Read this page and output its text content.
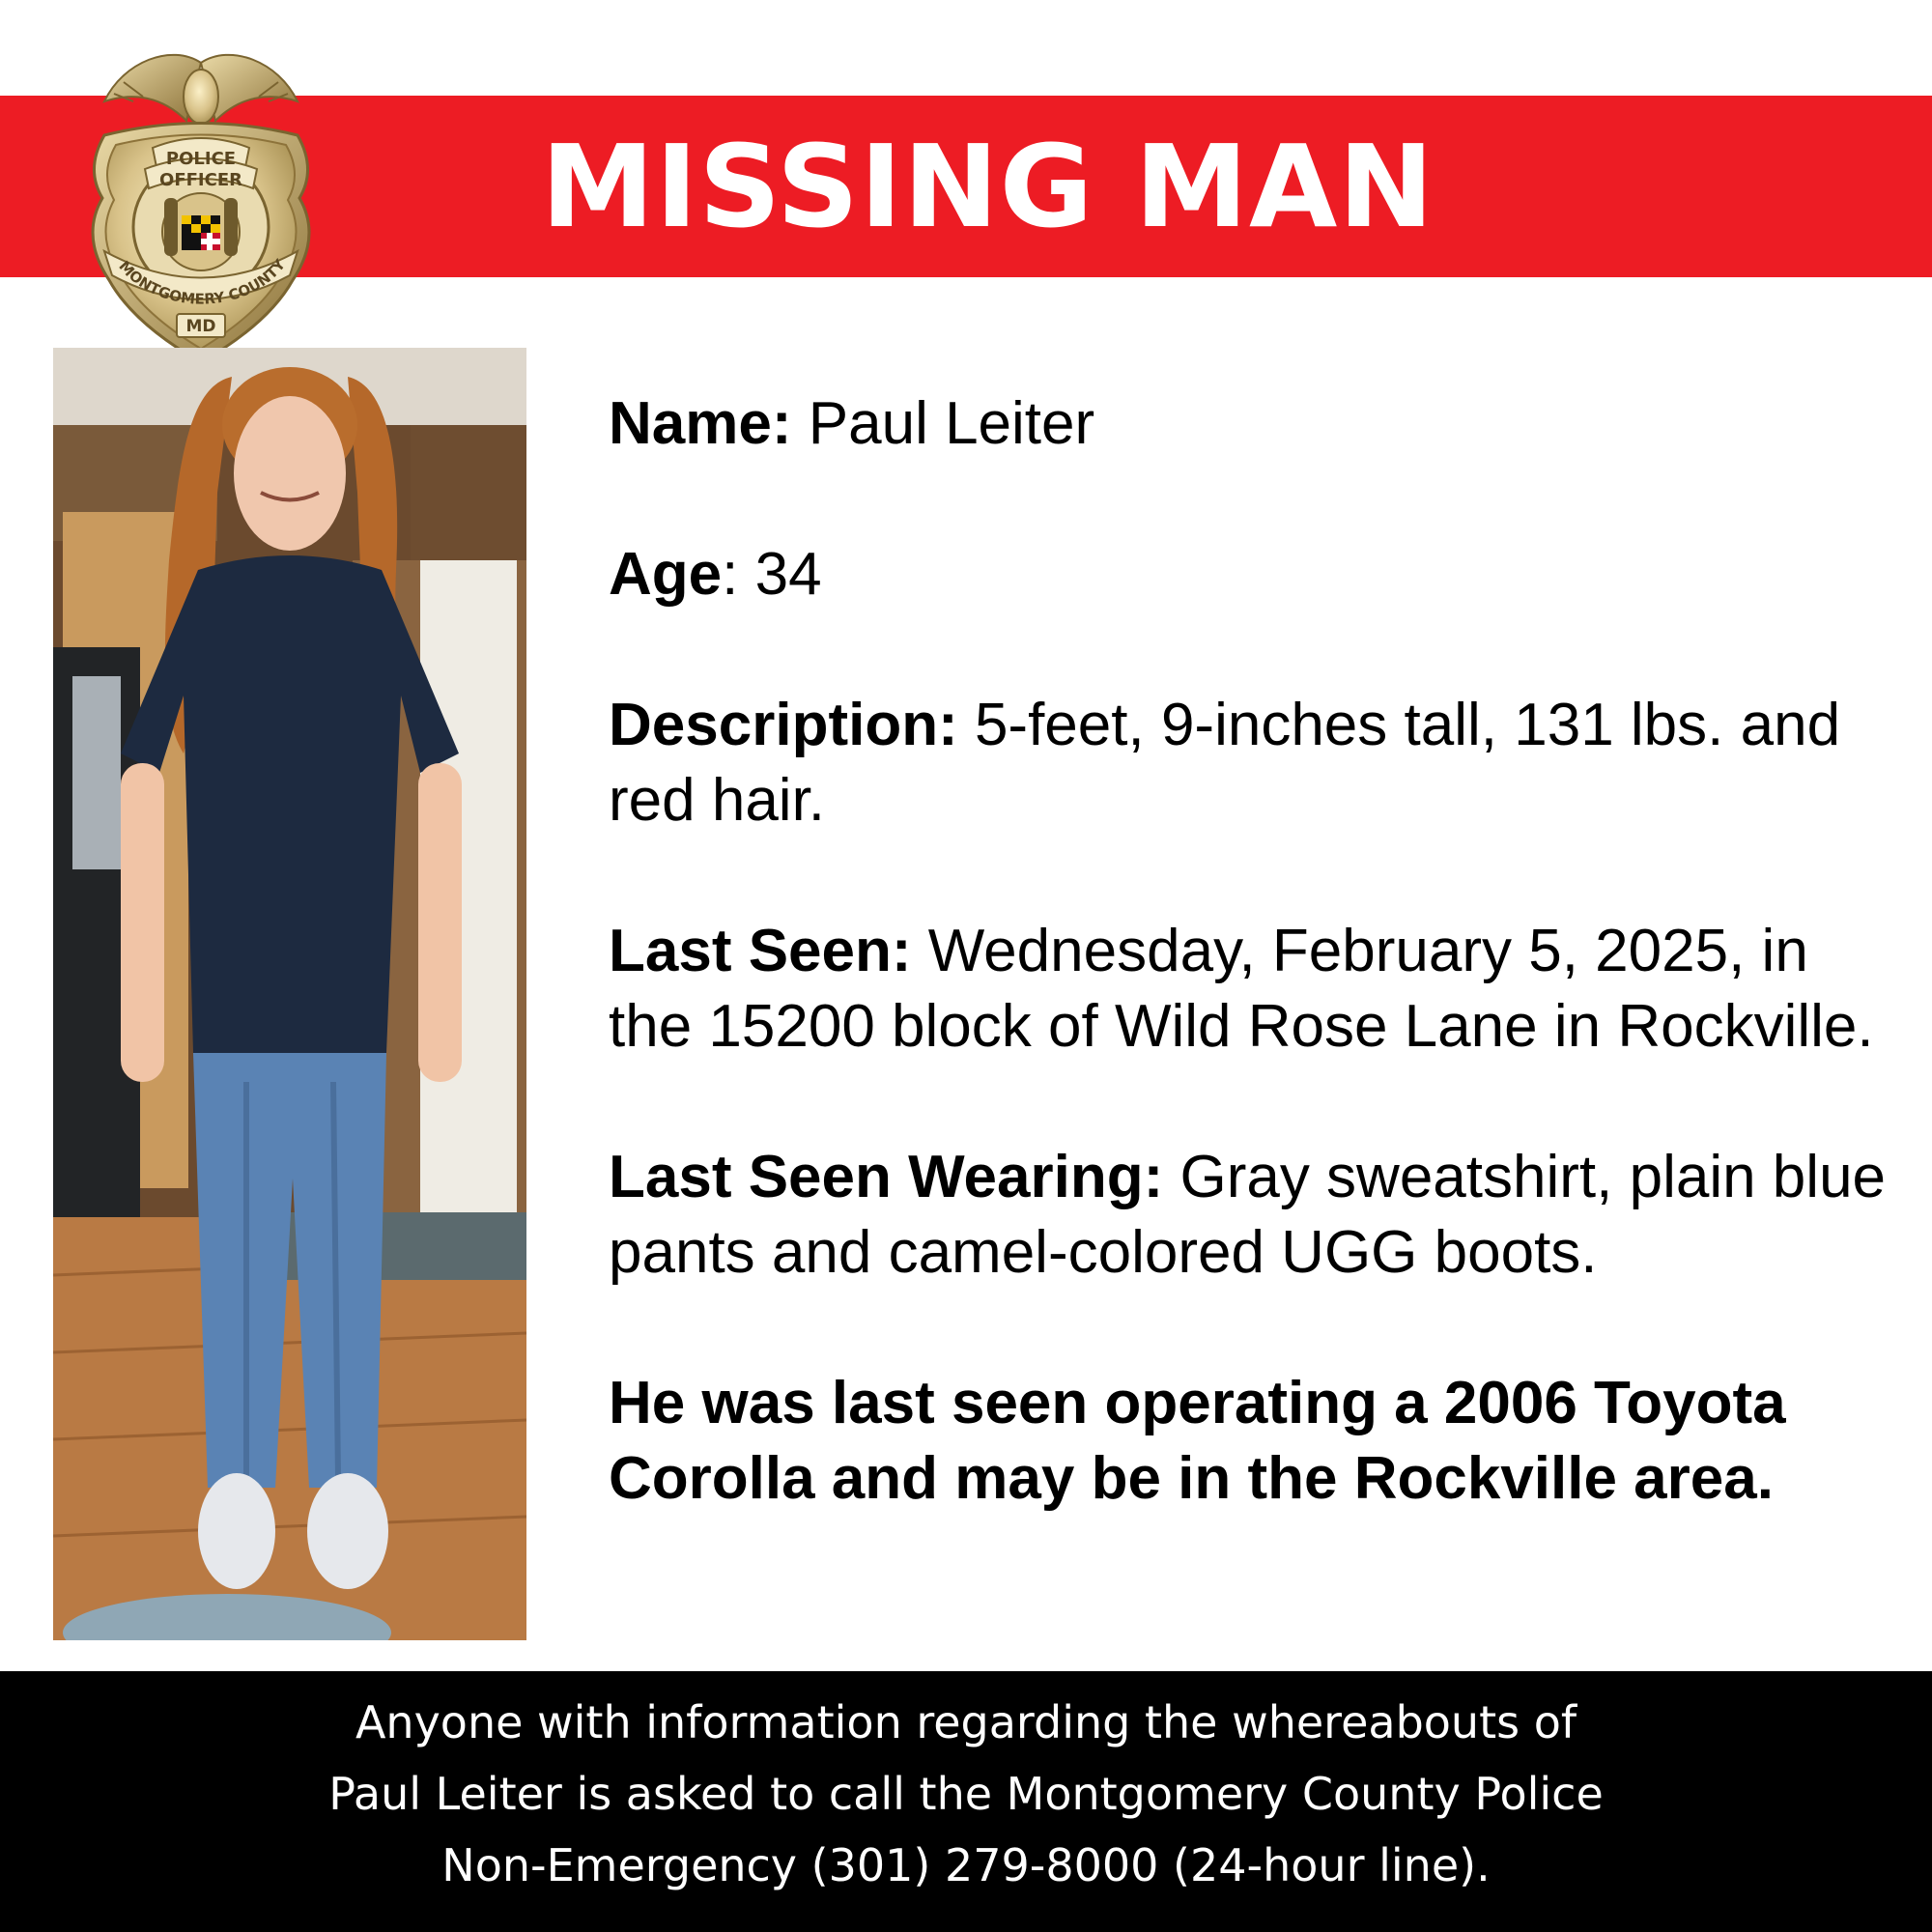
MISSING MAN
POLICE
OFFICER
MONTGOMERY COUNTY
MD

Name: Paul Leiter

Age: 34

Description: 5-feet, 9-inches tall, 131 lbs. and red hair.

Last Seen: Wednesday, February 5, 2025, in the 15200 block of Wild Rose Lane in Rockville.

Last Seen Wearing: Gray sweatshirt, plain blue pants and camel-colored UGG boots.

He was last seen operating a 2006 Toyota Corolla and may be in the Rockville area.

Anyone with information regarding the whereabouts of
Paul Leiter is asked to call the Montgomery County Police
Non-Emergency (301) 279-8000 (24-hour line).
